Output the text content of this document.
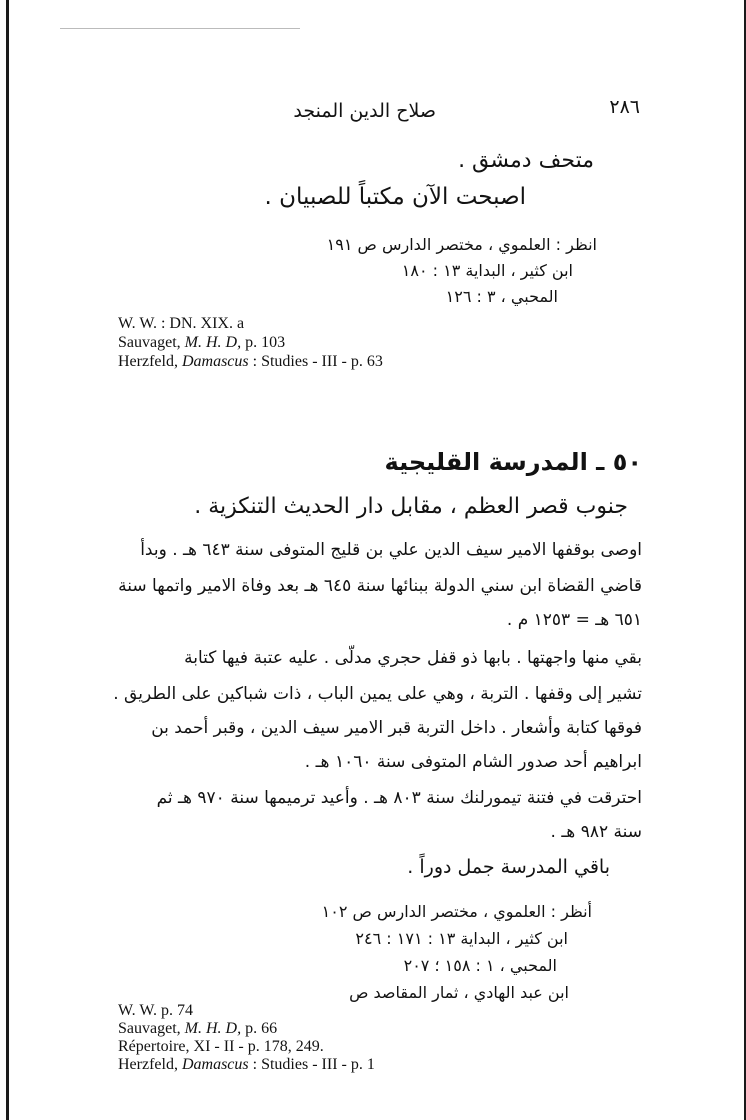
٢٨٦
صلاح الدين المنجد
متحف دمشق .
اصبحت الآن مكتباً للصبيان .
انظر : العلموي ، مختصر الدارس ص ١٩١
ابن كثير ، البداية ١٣ : ١٨٠
المحبي ، ٣ : ١٢٦
W. W. : DN. XIX. a
Sauvaget, M. H. D, p. 103
Herzfeld, Damascus : Studies - III - p. 63
٥٠ ـ المدرسة القليجية
جنوب قصر العظم ، مقابل دار الحديث التنكزية .
اوصى بوقفها الامير سيف الدين علي بن قليج المتوفى سنة ٦٤٣ هـ . وبدأ
قاضي القضاة ابن سني الدولة ببنائها سنة ٦٤٥ هـ بعد وفاة الامير واتمها سنة
٦٥١ هـ = ١٢٥٣ م .
بقي منها واجهتها . بابها ذو قفل حجري مدلّى . عليه عتبة فيها كتابة
تشير إلى وقفها . التربة ، وهي على يمين الباب ، ذات شباكين على الطريق .
فوقها كتابة وأشعار . داخل التربة قبر الامير سيف الدين ، وقبر أحمد بن
ابراهيم أحد صدور الشام المتوفى سنة ١٠٦٠ هـ .
احترقت في فتنة تيمورلنك سنة ٨٠٣ هـ . وأعيد ترميمها سنة ٩٧٠ هـ ثم
سنة ٩٨٢ هـ .
باقي المدرسة جمل دوراً .
أنظر : العلموي ، مختصر الدارس ص ١٠٢
ابن كثير ، البداية ١٣ : ١٧١ : ٢٤٦
المحبي ، ١ : ١٥٨ ؛ ٢٠٧
ابن عبد الهادي ، ثمار المقاصد ص
W. W. p. 74
Sauvaget, M. H. D, p. 66
Répertoire, XI - II - p. 178, 249.
Herzfeld, Damascus : Studies - III - p. 1
